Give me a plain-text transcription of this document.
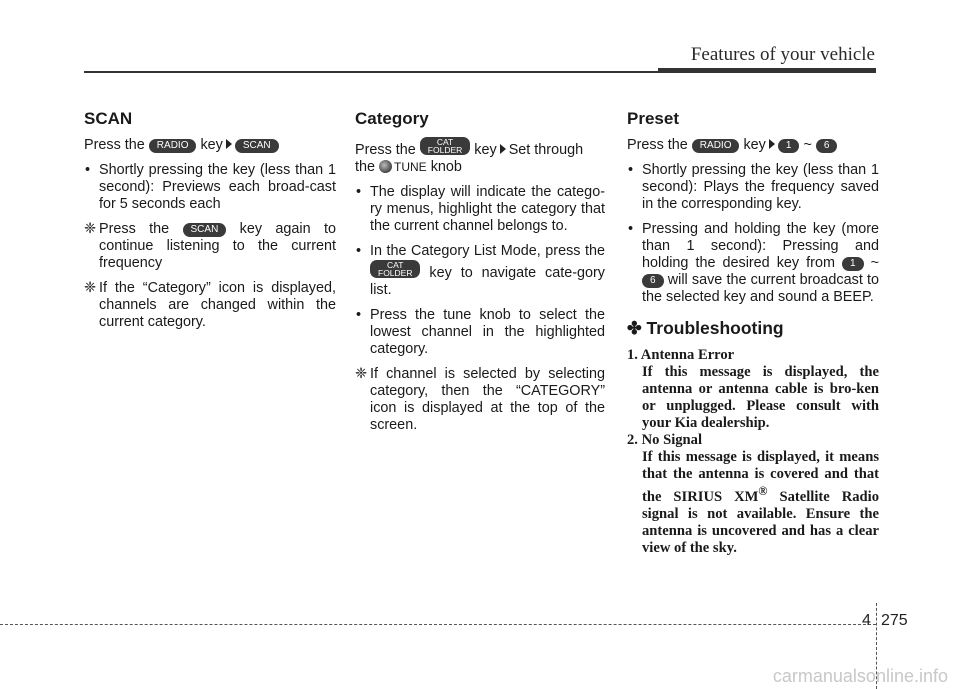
Features of your vehicle
SCAN

Press the RADIO key SCAN

• Shortly pressing the key (less than 1 second): Previews each broad-cast for 5 seconds each
❈ Press the SCAN key again to continue listening to the current frequency
❈ If the “Category” icon is displayed, channels are changed within the current category.
Category

Press the	CAT
FOLDER key Set through the TUNE knob

• The display will indicate the catego-ry menus, highlight the category that the current channel belongs to.
• In the Category List Mode, press the
CAT
FOLDER key to navigate cate-gory list.
• Press the tune knob to select the lowest channel in the highlighted category.
❈ If channel is selected by selecting category, then the “CATEGORY” icon is displayed at the top of the screen.
Preset

Press the RADIO key 1 ~ 6

• Shortly pressing the key (less than 1 second): Plays the frequency saved in the corresponding key.
• Pressing and holding the key (more than 1 second): Pressing and holding the desired key from 1 ~ 6 will save the current broadcast to the selected key and sound a BEEP.
✤ Troubleshooting
1. Antenna Error
If this message is displayed, the antenna or antenna cable is bro-ken or unplugged. Please consult with your Kia dealership.
2. No Signal
If this message is displayed, it means that the antenna is covered and that the SIRIUS XM® Satellite Radio signal is not available. Ensure the antenna is uncovered and has a clear view of the sky.
4 275
carmanualsonline.info
